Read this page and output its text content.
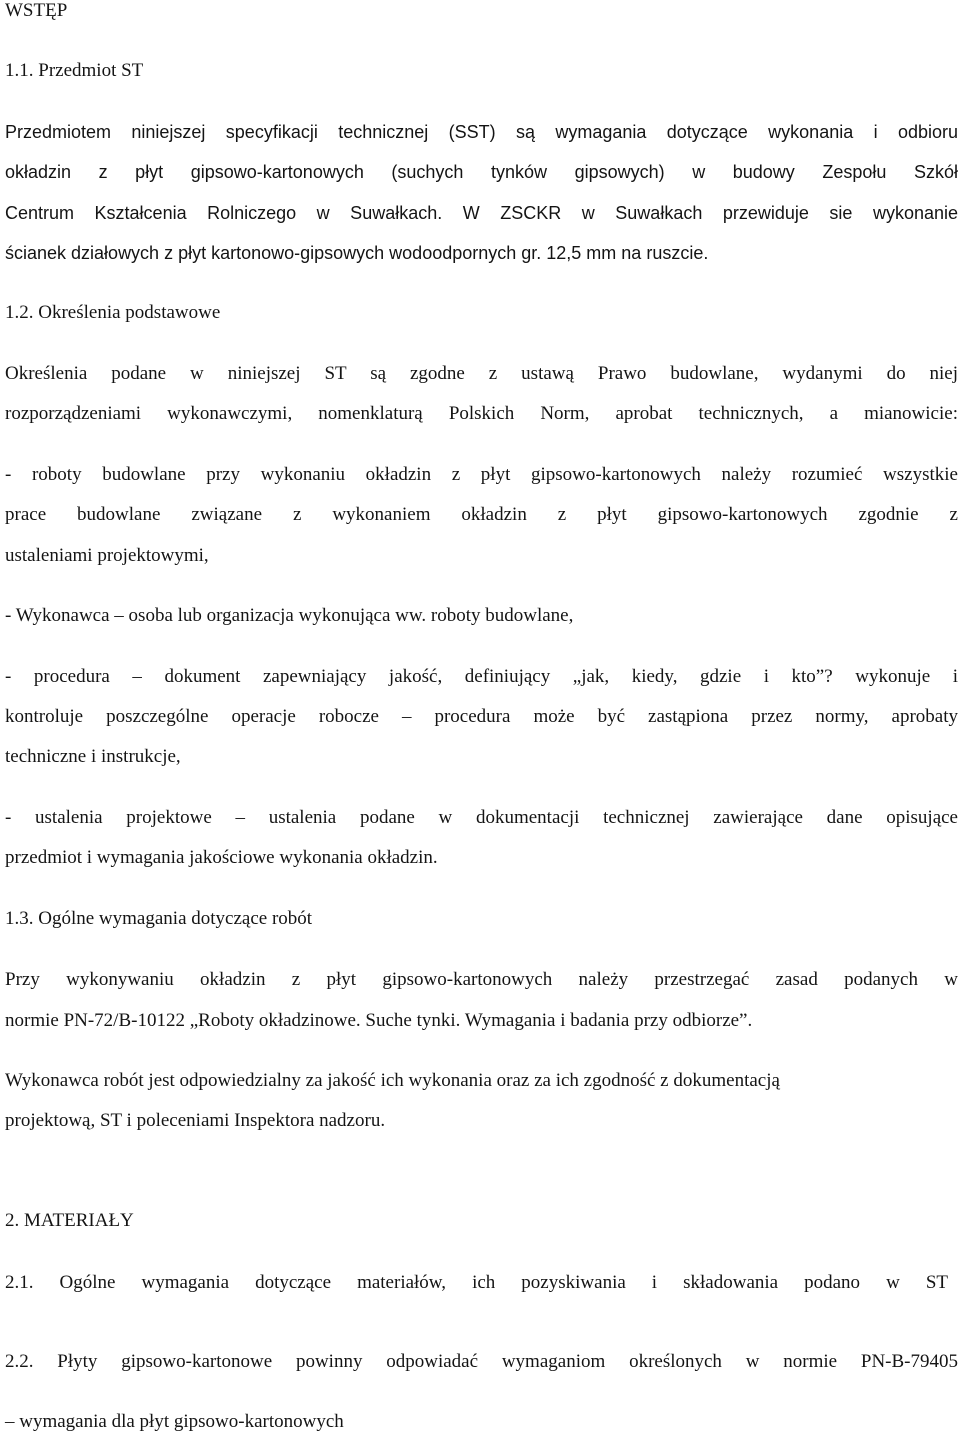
WSTĘP
1.1. Przedmiot ST
Przedmiotem niniejszej specyfikacji technicznej (SST) są wymagania dotyczące wykonania i odbioru
okładzin z płyt gipsowo-kartonowych (suchych tynków gipsowych) w budowy Zespołu Szkół
Centrum Kształcenia Rolniczego w Suwałkach. W ZSCKR w Suwałkach przewiduje sie wykonanie
ścianek działowych z płyt kartonowo-gipsowych wodoodpornych gr. 12,5 mm na ruszcie.
1.2. Określenia podstawowe
Określenia podane w niniejszej ST są zgodne z ustawą Prawo budowlane, wydanymi do niej
rozporządzeniami wykonawczymi, nomenklaturą Polskich Norm, aprobat technicznych, a mianowicie:
- roboty budowlane przy wykonaniu okładzin z płyt gipsowo-kartonowych należy rozumieć wszystkie
prace budowlane związane z wykonaniem okładzin z płyt gipsowo-kartonowych zgodnie z
ustaleniami projektowymi,
- Wykonawca – osoba lub organizacja wykonująca ww. roboty budowlane,
- procedura – dokument zapewniający jakość, definiujący „jak, kiedy, gdzie i kto”? wykonuje i
kontroluje poszczególne operacje robocze – procedura może być zastąpiona przez normy, aprobaty
techniczne i instrukcje,
- ustalenia projektowe – ustalenia podane w dokumentacji technicznej zawierające dane opisujące
przedmiot i wymagania jakościowe wykonania okładzin.
1.3. Ogólne wymagania dotyczące robót
Przy wykonywaniu okładzin z płyt gipsowo-kartonowych należy przestrzegać zasad podanych w
normie PN-72/B-10122 „Roboty okładzinowe. Suche tynki. Wymagania i badania przy odbiorze”.
Wykonawca robót jest odpowiedzialny za jakość ich wykonania oraz za ich zgodność z dokumentacją
projektową, ST i poleceniami Inspektora nadzoru.
2. MATERIAŁY
2.1. Ogólne wymagania dotyczące materiałów, ich pozyskiwania i składowania podano w ST
2.2. Płyty gipsowo-kartonowe powinny odpowiadać wymaganiom określonych w normie PN-B-79405
– wymagania dla płyt gipsowo-kartonowych
